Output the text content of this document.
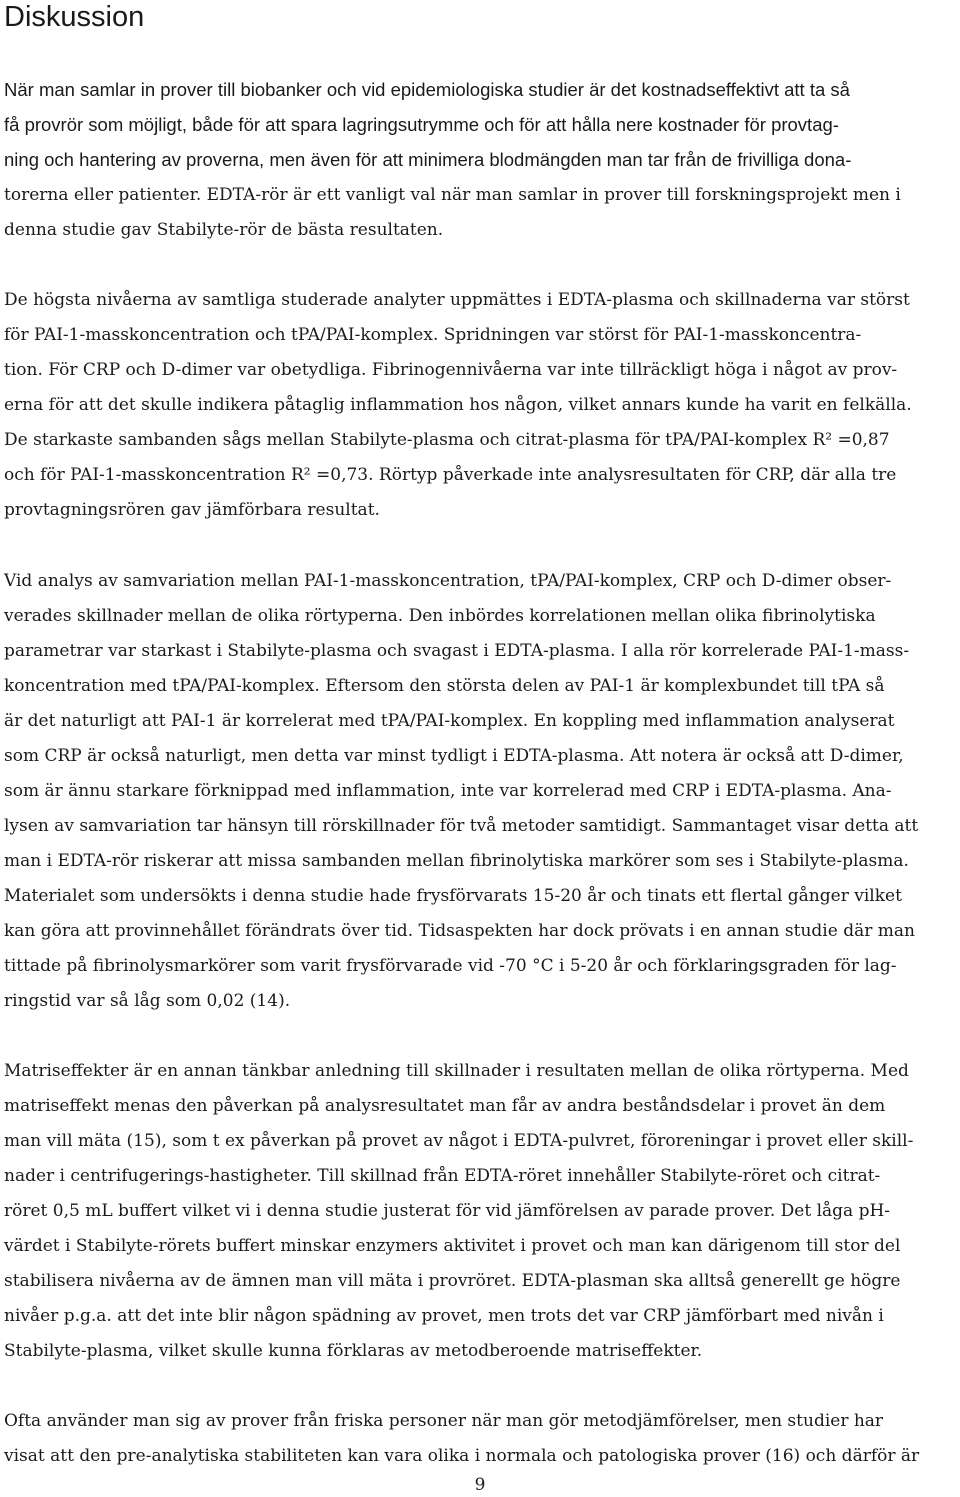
Diskussion
När man samlar in prover till biobanker och vid epidemiologiska studier är det kostnadseffektivt att ta så
få provrör som möjligt, både för att spara lagringsutrymme och för att hålla nere kostnader för provtag-
ning och hantering av proverna, men även för att minimera blodmängden man tar från de frivilliga dona-
torerna eller patienter. EDTA-rör är ett vanligt val när man samlar in prover till forskningsprojekt men i
denna studie gav Stabilyte-rör de bästa resultaten.
De högsta nivåerna av samtliga studerade analyter uppmättes i EDTA-plasma och skillnaderna var störst
för PAI-1-masskoncentration och tPA/PAI-komplex. Spridningen var störst för PAI-1-masskoncentra-
tion. För CRP och D-dimer var obetydliga. Fibrinogennivåerna var inte tillräckligt höga i något av prov-
erna för att det skulle indikera påtaglig inflammation hos någon, vilket annars kunde ha varit en felkälla.
De starkaste sambanden sågs mellan Stabilyte-plasma och citrat-plasma för tPA/PAI-komplex R² =0,87
och för PAI-1-masskoncentration R² =0,73. Rörtyp påverkade inte analysresultaten för CRP, där alla tre
provtagningsrören gav jämförbara resultat.
Vid analys av samvariation mellan PAI-1-masskoncentration, tPA/PAI-komplex, CRP och D-dimer obser-
verades skillnader mellan de olika rörtyperna. Den inbördes korrelationen mellan olika fibrinolytiska
parametrar var starkast i Stabilyte-plasma och svagast i EDTA-plasma. I alla rör korrelerade PAI-1-mass-
koncentration med tPA/PAI-komplex. Eftersom den största delen av PAI-1 är komplexbundet till tPA så
är det naturligt att PAI-1 är korrelerat med tPA/PAI-komplex. En koppling med inflammation analyserat
som CRP är också naturligt, men detta var minst tydligt i EDTA-plasma. Att notera är också att D-dimer,
som är ännu starkare förknippad med inflammation, inte var korrelerad med CRP i EDTA-plasma. Ana-
lysen av samvariation tar hänsyn till rörskillnader för två metoder samtidigt. Sammantaget visar detta att
man i EDTA-rör riskerar att missa sambanden mellan fibrinolytiska markörer som ses i Stabilyte-plasma.
Materialet som undersökts i denna studie hade frysförvarats 15-20 år och tinats ett flertal gånger vilket
kan göra att provinnehållet förändrats över tid. Tidsaspekten har dock prövats i en annan studie där man
tittade på fibrinolysmarkörer som varit frysförvarade vid -70 °C i 5-20 år och förklaringsgraden för lag-
ringstid var så låg som 0,02 (14).
Matriseffekter är en annan tänkbar anledning till skillnader i resultaten mellan de olika rörtyperna. Med
matriseffekt menas den påverkan på analysresultatet man får av andra beståndsdelar i provet än dem
man vill mäta (15), som t ex påverkan på provet av något i EDTA-pulvret, föroreningar i provet eller skill-
nader i centrifugerings-hastigheter. Till skillnad från EDTA-röret innehåller Stabilyte-röret och citrat-
röret 0,5 mL buffert vilket vi i denna studie justerat för vid jämförelsen av parade prover. Det låga pH-
värdet i Stabilyte-rörets buffert minskar enzymers aktivitet i provet och man kan därigenom till stor del
stabilisera nivåerna av de ämnen man vill mäta i provröret. EDTA-plasman ska alltså generellt ge högre
nivåer p.g.a. att det inte blir någon spädning av provet, men trots det var CRP jämförbart med nivån i
Stabilyte-plasma, vilket skulle kunna förklaras av metodberoende matriseffekter.
Ofta använder man sig av prover från friska personer när man gör metodjämförelser, men studier har
visat att den pre-analytiska stabiliteten kan vara olika i normala och patologiska prover (16) och därför är
9
